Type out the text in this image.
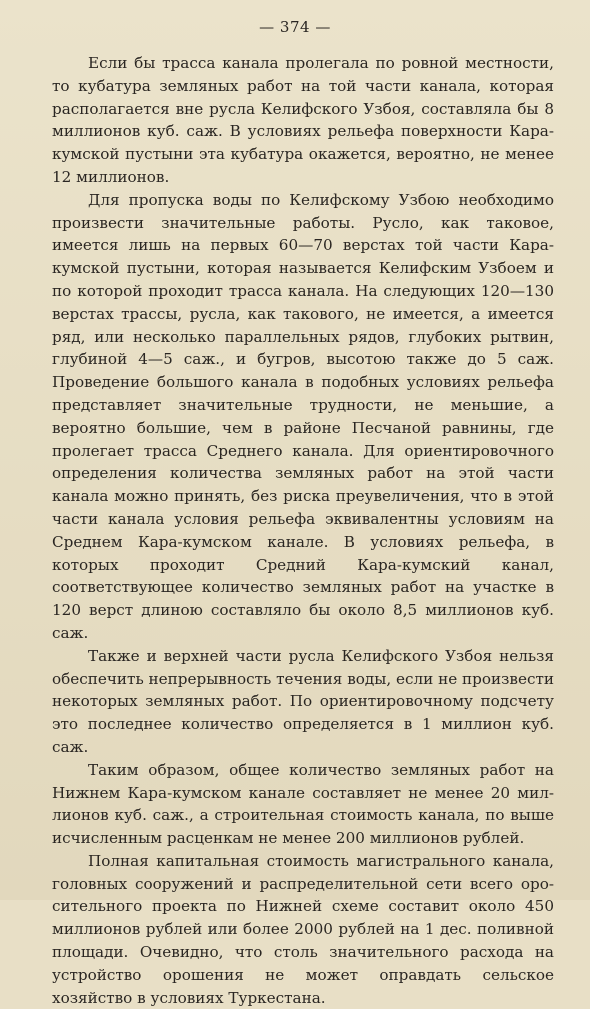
— 374 —

Если бы трасса канала пролегала по ровной местности, то кубатура земляных работ на той части канала, которая располагается вне русла Келифского Узбоя, составляла бы 8 миллионов куб. саж. В условиях рельефа поверхности Каракумской пустыни эта кубатура окажется, вероятно, не менее 12 миллионов.

Для пропуска воды по Келифскому Узбою необходимо произвести значительные работы. Русло, как таковое, имеется лишь на первых 60—70 верстах той части Кара-кумской пустыни, которая называется Келифским Узбоем и по которой проходит трасса канала. На следующих 120—130 верстах трассы, русла, как такового, не имеется, а имеется ряд, или несколько параллельных рядов, глубоких рытвин, глубиной 4—5 саж., и бугров, высотою также до 5 саж. Проведение большого канала в подобных условиях рельефа представляет значительные трудности, не меньшие, а вероятно большие, чем в районе Песчаной равнины, где пролегает трасса Среднего канала. Для ориентировочного определения количества земляных работ на этой части канала можно принять, без риска преувеличения, что в этой части канала условия рельефа эквивалентны условиям на Среднем Кара-кумском канале. В условиях рельефа, в которых проходит Средний Кара-кумский канал, соответствующее количество земляных работ на участке в 120 верст длиною составляло бы около 8,5 миллионов куб. саж.

Также и верхней части русла Келифского Узбоя нельзя обеспечить непрерывность течения воды, если не произвести некоторых земляных работ. По ориентировочному подсчету это последнее количество определяется в 1 миллион куб. саж.

Таким образом, общее количество земляных работ на Нижнем Кара-кумском канале составляет не менее 20 миллионов куб. саж., а строительная стоимость канала, по выше исчисленным расценкам не менее 200 миллионов рублей.

Полная капитальная стоимость магистрального канала, головных сооружений и распределительной сети всего оросительного проекта по Нижней схеме составит около 450 миллионов рублей или более 2000 рублей на 1 дес. поливной площади. Очевидно, что столь значительного расхода на устройство орошения не может оправдать сельское хозяйство в условиях Туркестана.
